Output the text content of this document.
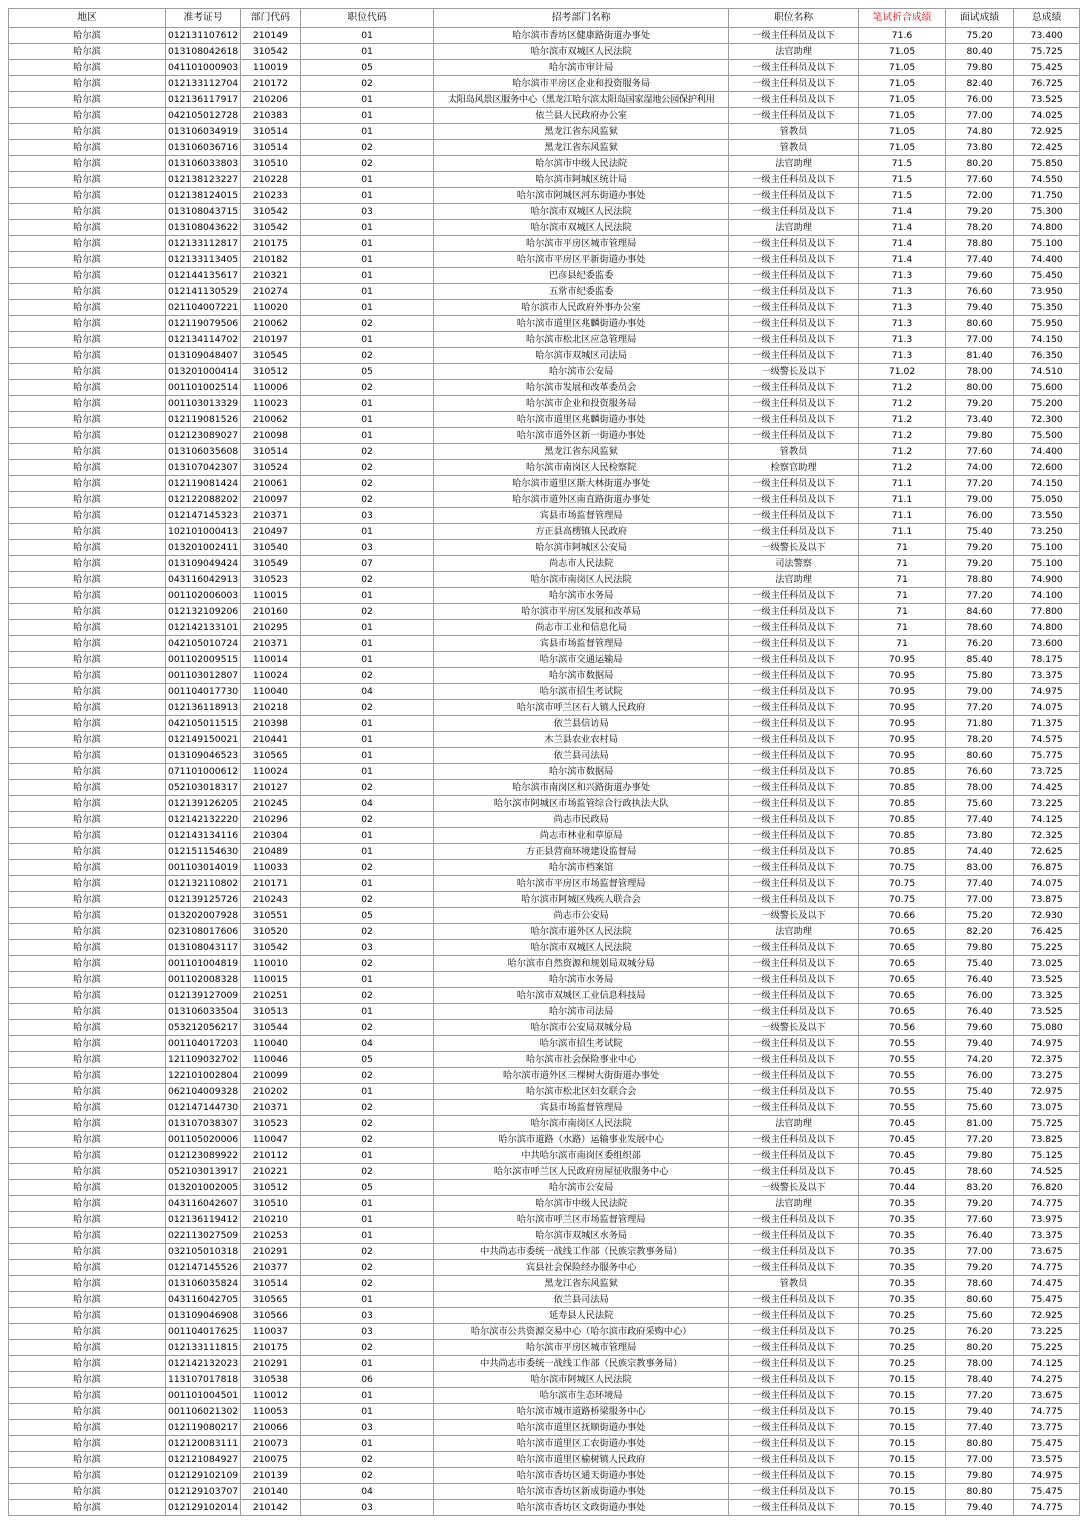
地区	准考证号	部门代码	职位代码	招考部门名称	职位名称	笔试折合成绩	面试成绩	总成绩
哈尔滨	012131107612	210149	01	哈尔滨市香坊区健康路街道办事处	一级主任科员及以下	71.6	75.20	73.400
哈尔滨	013108042618	310542	01	哈尔滨市双城区人民法院	法官助理	71.05	80.40	75.725
哈尔滨	041101000903	110019	05	哈尔滨市审计局	一级主任科员及以下	71.05	79.80	75.425
哈尔滨	012133112704	210172	02	哈尔滨市平房区企业和投资服务局	一级主任科员及以下	71.05	82.40	76.725
哈尔滨	012136117917	210206	01	太阳岛风景区服务中心（黑龙江哈尔滨太阳岛国家湿地公园保护利用	一级主任科员及以下	71.05	76.00	73.525
哈尔滨	042105012728	210383	01	依兰县人民政府办公室	一级主任科员及以下	71.05	77.00	74.025
哈尔滨	013106034919	310514	01	黑龙江省东风监狱	管教员	71.05	74.80	72.925
哈尔滨	013106036716	310514	02	黑龙江省东风监狱	管教员	71.05	73.80	72.425
哈尔滨	013106033803	310510	02	哈尔滨市中级人民法院	法官助理	71.5	80.20	75.850
哈尔滨	012138123227	210228	01	哈尔滨市阿城区统计局	一级主任科员及以下	71.5	77.60	74.550
哈尔滨	012138124015	210233	01	哈尔滨市阿城区河东街道办事处	一级主任科员及以下	71.5	72.00	71.750
哈尔滨	013108043715	310542	03	哈尔滨市双城区人民法院	一级主任科员及以下	71.4	79.20	75.300
哈尔滨	013108043622	310542	01	哈尔滨市双城区人民法院	法官助理	71.4	78.20	74.800
哈尔滨	012133112817	210175	01	哈尔滨市平房区城市管理局	一级主任科员及以下	71.4	78.80	75.100
哈尔滨	012133113405	210182	01	哈尔滨市平房区平新街道办事处	一级主任科员及以下	71.4	77.40	74.400
哈尔滨	012144135617	210321	01	巴彦县纪委监委	一级主任科员及以下	71.3	79.60	75.450
哈尔滨	012141130529	210274	01	五常市纪委监委	一级主任科员及以下	71.3	76.60	73.950
哈尔滨	021104007221	110020	01	哈尔滨市人民政府外事办公室	一级主任科员及以下	71.3	79.40	75.350
哈尔滨	012119079506	210062	02	哈尔滨市道里区兆麟街道办事处	一级主任科员及以下	71.3	80.60	75.950
哈尔滨	012134114702	210197	01	哈尔滨市松北区应急管理局	一级主任科员及以下	71.3	77.00	74.150
哈尔滨	013109048407	310545	02	哈尔滨市双城区司法局	一级主任科员及以下	71.3	81.40	76.350
哈尔滨	013201000414	310512	05	哈尔滨市公安局	一级警长及以下	71.02	78.00	74.510
哈尔滨	001101002514	110006	02	哈尔滨市发展和改革委员会	一级主任科员及以下	71.2	80.00	75.600
哈尔滨	001103013329	110023	01	哈尔滨市企业和投资服务局	一级主任科员及以下	71.2	79.20	75.200
哈尔滨	012119081526	210062	01	哈尔滨市道里区兆麟街道办事处	一级主任科员及以下	71.2	73.40	72.300
哈尔滨	012123089027	210098	01	哈尔滨市道外区新一街道办事处	一级主任科员及以下	71.2	79.80	75.500
哈尔滨	013106035608	310514	02	黑龙江省东风监狱	管教员	71.2	77.60	74.400
哈尔滨	013107042307	310524	02	哈尔滨市南岗区人民检察院	检察官助理	71.2	74.00	72.600
哈尔滨	012119081424	210061	02	哈尔滨市道里区斯大林街道办事处	一级主任科员及以下	71.1	77.20	74.150
哈尔滨	012122088202	210097	02	哈尔滨市道外区南直路街道办事处	一级主任科员及以下	71.1	79.00	75.050
哈尔滨	012147145323	210371	03	宾县市场监督管理局	一级主任科员及以下	71.1	76.00	73.550
哈尔滨	102101000413	210497	01	方正县高楞镇人民政府	一级主任科员及以下	71.1	75.40	73.250
哈尔滨	013201002411	310540	03	哈尔滨市阿城区公安局	一级警长及以下	71	79.20	75.100
哈尔滨	013109049424	310549	07	尚志市人民法院	司法警察	71	79.20	75.100
哈尔滨	043116042913	310523	02	哈尔滨市南岗区人民法院	法官助理	71	78.80	74.900
哈尔滨	001102006003	110015	01	哈尔滨市水务局	一级主任科员及以下	71	77.20	74.100
哈尔滨	012132109206	210160	02	哈尔滨市平房区发展和改革局	一级主任科员及以下	71	84.60	77.800
哈尔滨	012142133101	210295	01	尚志市工业和信息化局	一级主任科员及以下	71	78.60	74.800
哈尔滨	042105010724	210371	01	宾县市场监督管理局	一级主任科员及以下	71	76.20	73.600
哈尔滨	001102009515	110014	01	哈尔滨市交通运输局	一级主任科员及以下	70.95	85.40	78.175
哈尔滨	001103012807	110024	02	哈尔滨市数据局	一级主任科员及以下	70.95	75.80	73.375
哈尔滨	001104017730	110040	04	哈尔滨市招生考试院	一级主任科员及以下	70.95	79.00	74.975
哈尔滨	012136118913	210218	02	哈尔滨市呼兰区石人镇人民政府	一级主任科员及以下	70.95	77.20	74.075
哈尔滨	042105011515	210398	01	依兰县信访局	一级主任科员及以下	70.95	71.80	71.375
哈尔滨	012149150021	210441	01	木兰县农业农村局	一级主任科员及以下	70.95	78.20	74.575
哈尔滨	013109046523	310565	01	依兰县司法局	一级主任科员及以下	70.95	80.60	75.775
哈尔滨	071101000612	110024	01	哈尔滨市数据局	一级主任科员及以下	70.85	76.60	73.725
哈尔滨	052103018317	210127	02	哈尔滨市南岗区和兴路街道办事处	一级主任科员及以下	70.85	78.00	74.425
哈尔滨	012139126205	210245	04	哈尔滨市阿城区市场监管综合行政执法大队	一级主任科员及以下	70.85	75.60	73.225
哈尔滨	012142132220	210296	02	尚志市民政局	一级主任科员及以下	70.85	77.40	74.125
哈尔滨	012143134116	210304	01	尚志市林业和草原局	一级主任科员及以下	70.85	73.80	72.325
哈尔滨	012151154630	210489	01	方正县营商环境建设监督局	一级主任科员及以下	70.85	74.40	72.625
哈尔滨	001103014019	110033	02	哈尔滨市档案馆	一级主任科员及以下	70.75	83.00	76.875
哈尔滨	012132110802	210171	01	哈尔滨市平房区市场监督管理局	一级主任科员及以下	70.75	77.40	74.075
哈尔滨	012139125726	210243	02	哈尔滨市阿城区残疾人联合会	一级主任科员及以下	70.75	77.00	73.875
哈尔滨	013202007928	310551	05	尚志市公安局	一级警长及以下	70.66	75.20	72.930
哈尔滨	023108017606	310520	02	哈尔滨市道外区人民法院	法官助理	70.65	82.20	76.425
哈尔滨	013108043117	310542	03	哈尔滨市双城区人民法院	一级主任科员及以下	70.65	79.80	75.225
哈尔滨	001101004819	110010	02	哈尔滨市自然资源和规划局双城分局	一级主任科员及以下	70.65	75.40	73.025
哈尔滨	001102008328	110015	01	哈尔滨市水务局	一级主任科员及以下	70.65	76.40	73.525
哈尔滨	012139127009	210251	02	哈尔滨市双城区工业信息科技局	一级主任科员及以下	70.65	76.00	73.325
哈尔滨	013106033504	310513	01	哈尔滨市司法局	一级主任科员及以下	70.65	76.40	73.525
哈尔滨	053212056217	310544	02	哈尔滨市公安局双城分局	一级警长及以下	70.56	79.60	75.080
哈尔滨	001104017203	110040	04	哈尔滨市招生考试院	一级主任科员及以下	70.55	79.40	74.975
哈尔滨	121109032702	110046	05	哈尔滨市社会保险事业中心	一级主任科员及以下	70.55	74.20	72.375
哈尔滨	122101002804	210099	02	哈尔滨市道外区三棵树大街街道办事处	一级主任科员及以下	70.55	76.00	73.275
哈尔滨	062104009328	210202	01	哈尔滨市松北区妇女联合会	一级主任科员及以下	70.55	75.40	72.975
哈尔滨	012147144730	210371	02	宾县市场监督管理局	一级主任科员及以下	70.55	75.60	73.075
哈尔滨	013107038307	310523	02	哈尔滨市南岗区人民法院	法官助理	70.45	81.00	75.725
哈尔滨	001105020006	110047	02	哈尔滨市道路（水路）运输事业发展中心	一级主任科员及以下	70.45	77.20	73.825
哈尔滨	012123089922	210112	01	中共哈尔滨市南岗区委组织部	一级主任科员及以下	70.45	79.80	75.125
哈尔滨	052103013917	210221	02	哈尔滨市呼兰区人民政府房屋征收服务中心	一级主任科员及以下	70.45	78.60	74.525
哈尔滨	013201002005	310512	05	哈尔滨市公安局	一级警长及以下	70.44	83.20	76.820
哈尔滨	043116042607	310510	01	哈尔滨市中级人民法院	法官助理	70.35	79.20	74.775
哈尔滨	012136119412	210210	01	哈尔滨市呼兰区市场监督管理局	一级主任科员及以下	70.35	77.60	73.975
哈尔滨	022113027509	210253	01	哈尔滨市双城区水务局	一级主任科员及以下	70.35	76.40	73.375
哈尔滨	032105010318	210291	02	中共尚志市委统一战线工作部（民族宗教事务局）	一级主任科员及以下	70.35	77.00	73.675
哈尔滨	012147145526	210377	02	宾县社会保险经办服务中心	一级主任科员及以下	70.35	79.20	74.775
哈尔滨	013106035824	310514	02	黑龙江省东风监狱	管教员	70.35	78.60	74.475
哈尔滨	043116042705	310565	01	依兰县司法局	一级主任科员及以下	70.35	80.60	75.475
哈尔滨	013109046908	310566	03	延寿县人民法院	一级主任科员及以下	70.25	75.60	72.925
哈尔滨	001104017625	110037	03	哈尔滨市公共资源交易中心（哈尔滨市政府采购中心）	一级主任科员及以下	70.25	76.20	73.225
哈尔滨	012133111815	210175	02	哈尔滨市平房区城市管理局	一级主任科员及以下	70.25	80.20	75.225
哈尔滨	012142132023	210291	01	中共尚志市委统一战线工作部（民族宗教事务局）	一级主任科员及以下	70.25	78.00	74.125
哈尔滨	113107017818	310538	06	哈尔滨市阿城区人民法院	一级主任科员及以下	70.15	78.40	74.275
哈尔滨	001101004501	110012	01	哈尔滨市生态环境局	一级主任科员及以下	70.15	77.20	73.675
哈尔滨	001106021302	110053	01	哈尔滨市城市道路桥梁服务中心	一级主任科员及以下	70.15	79.40	74.775
哈尔滨	012119080217	210066	03	哈尔滨市道里区抚顺街道办事处	一级主任科员及以下	70.15	77.40	73.775
哈尔滨	012120083111	210073	01	哈尔滨市道里区工农街道办事处	一级主任科员及以下	70.15	80.80	75.475
哈尔滨	012121084927	210075	02	哈尔滨市道里区榆树镇人民政府	一级主任科员及以下	70.15	77.00	73.575
哈尔滨	012129102109	210139	02	哈尔滨市香坊区通天街道办事处	一级主任科员及以下	70.15	79.80	74.975
哈尔滨	012129103707	210140	04	哈尔滨市香坊区新成街道办事处	一级主任科员及以下	70.15	80.80	75.475
哈尔滨	012129102014	210142	03	哈尔滨市香坊区文政街道办事处	一级主任科员及以下	70.15	79.40	74.775
